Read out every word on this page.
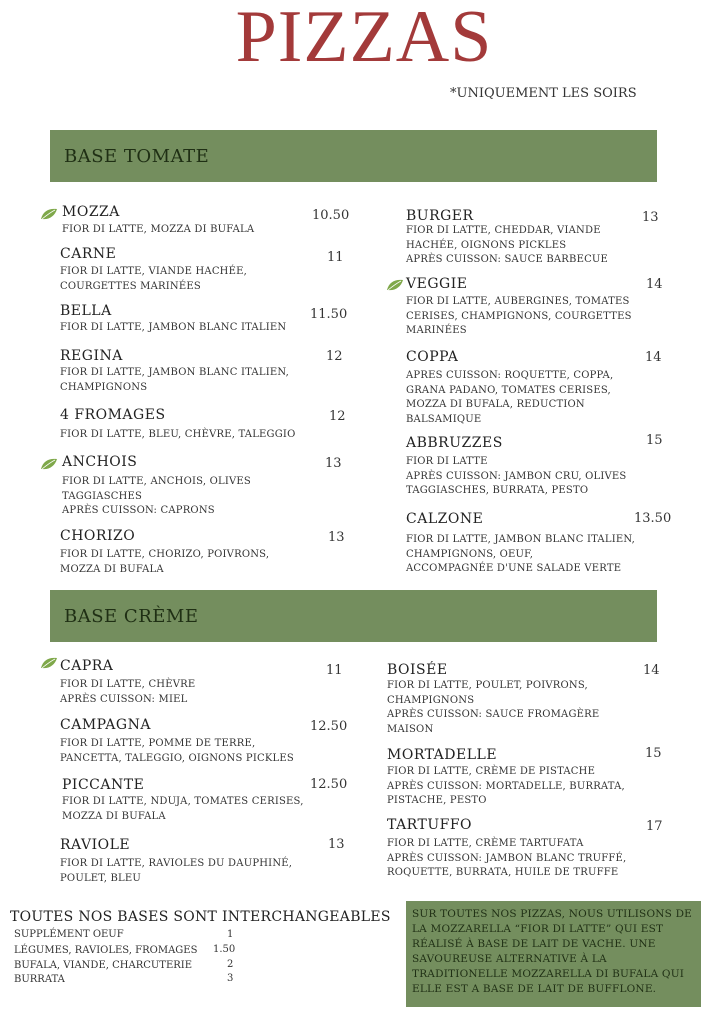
PIZZAS
*UNIQUEMENT LES SOIRS
BASE TOMATE
BASE CRÈME
MOZZA	10.50
FIOR DI LATTE, MOZZA DI BUFALA
CARNE	11
FIOR DI LATTE, VIANDE HACHÉE,
COURGETTES MARINÉES
BELLA	11.50
FIOR DI LATTE, JAMBON BLANC ITALIEN
REGINA	12
FIOR DI LATTE, JAMBON BLANC ITALIEN,
CHAMPIGNONS
4 FROMAGES	12
FIOR DI LATTE, BLEU, CHÈVRE, TALEGGIO
ANCHOIS	13
FIOR DI LATTE, ANCHOIS, OLIVES
TAGGIASCHES
APRÈS CUISSON: CAPRONS
CHORIZO	13
FIOR DI LATTE, CHORIZO, POIVRONS,
MOZZA DI BUFALA
BURGER	13
FIOR DI LATTE, CHEDDAR, VIANDE
HACHÉE, OIGNONS PICKLES
APRÈS CUISSON: SAUCE BARBECUE
VEGGIE	14
FIOR DI LATTE, AUBERGINES, TOMATES
CERISES, CHAMPIGNONS, COURGETTES
MARINÉES
COPPA	14
APRES CUISSON: ROQUETTE, COPPA,
GRANA PADANO, TOMATES CERISES,
MOZZA DI BUFALA, REDUCTION
BALSAMIQUE
ABBRUZZES	15
FIOR DI LATTE
APRÈS CUISSON: JAMBON CRU, OLIVES
TAGGIASCHES, BURRATA, PESTO
CALZONE	13.50
FIOR DI LATTE, JAMBON BLANC ITALIEN,
CHAMPIGNONS, OEUF,
ACCOMPAGNÉE D'UNE SALADE VERTE
CAPRA	11
FIOR DI LATTE, CHÈVRE
APRÈS CUISSON: MIEL
CAMPAGNA	12.50
FIOR DI LATTE, POMME DE TERRE,
PANCETTA, TALEGGIO, OIGNONS PICKLES
PICCANTE	12.50
FIOR DI LATTE, NDUJA, TOMATES CERISES,
MOZZA DI BUFALA
RAVIOLE	13
FIOR DI LATTE, RAVIOLES DU DAUPHINÉ,
POULET, BLEU
BOISÉE	14
FIOR DI LATTE, POULET, POIVRONS,
CHAMPIGNONS
APRÈS CUISSON: SAUCE FROMAGÈRE
MAISON
MORTADELLE	15
FIOR DI LATTE, CRÈME DE PISTACHE
APRÈS CUISSON: MORTADELLE, BURRATA,
PISTACHE, PESTO
TARTUFFO	17
FIOR DI LATTE, CRÈME TARTUFATA
APRÈS CUISSON: JAMBON BLANC TRUFFÉ,
ROQUETTE, BURRATA, HUILE DE TRUFFE
TOUTES NOS BASES SONT INTERCHANGEABLES
SUPPLÉMENT OEUF	1
LÉGUMES, RAVIOLES, FROMAGES 1.50
BUFALA, VIANDE, CHARCUTERIE	2
BURRATA	3
SUR TOUTES NOS PIZZAS, NOUS UTILISONS DE
LA MOZZARELLA “FIOR DI LATTE” QUI EST
RÉALISÉ À BASE DE LAIT DE VACHE. UNE
SAVOUREUSE ALTERNATIVE À LA
TRADITIONELLE MOZZARELLA DI BUFALA QUI
ELLE EST A BASE DE LAIT DE BUFFLONE.
